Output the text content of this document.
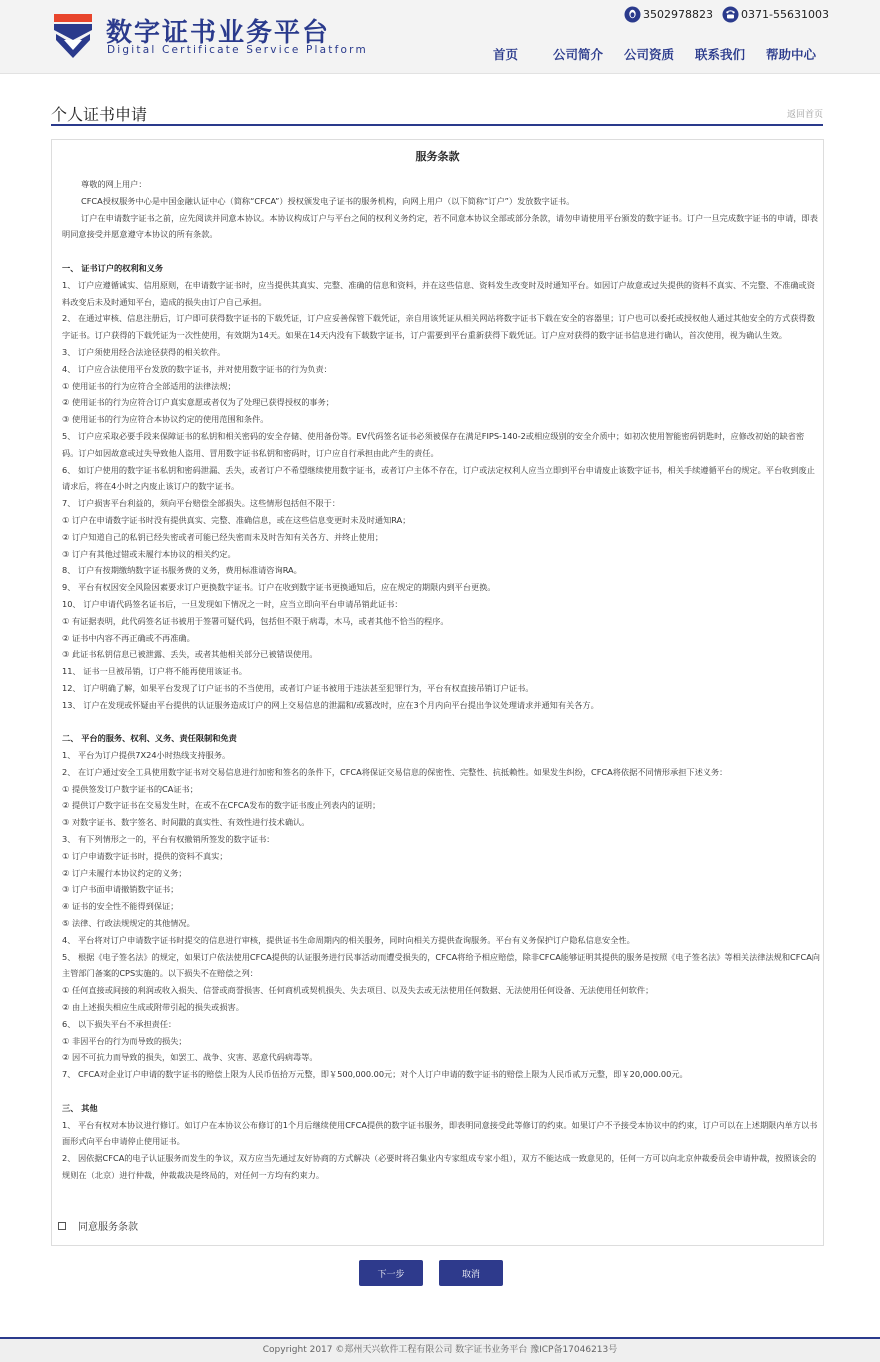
数字证书业务平台
Digital Certificate Service Platform
3502978823	0371-55631003
首页	公司简介 公司资质 联系我们 帮助中心
个人证书申请	返回首页
服务条款
尊敬的网上用户：
CFCA授权服务中心是中国金融认证中心（简称“CFCA”）授权颁发电子证书的服务机构，向网上用户（以下简称“订户”）发放数字证书。
订户在申请数字证书之前，应先阅读并同意本协议。本协议构成订户与平台之间的权利义务约定，若不同意本协议全部或部分条款，请勿申请使用平台颁发的数字证书。订户一旦完成数字证书的申请，即表明同意接受并愿意遵守本协议的所有条款。
一、 证书订户的权利和义务
1、 订户应遵循诚实、信用原则，在申请数字证书时，应当提供其真实、完整、准确的信息和资料，并在这些信息、资料发生改变时及时通知平台。如因订户故意或过失提供的资料不真实、不完整、不准确或资料改变后未及时通知平台，造成的损失由订户自己承担。
2、 在通过审核、信息注册后，订户即可获得数字证书的下载凭证，订户应妥善保管下载凭证，亲自用该凭证从相关网站将数字证书下载在安全的容器里；订户也可以委托或授权他人通过其他安全的方式获得数字证书。订户获得的下载凭证为一次性使用，有效期为14天。如果在14天内没有下载数字证书，订户需要到平台重新获得下载凭证。订户应对获得的数字证书信息进行确认，首次使用，视为确认生效。
3、 订户须使用经合法途径获得的相关软件。
4、 订户应合法使用平台发放的数字证书，并对使用数字证书的行为负责：
① 使用证书的行为应符合全部适用的法律法规；
② 使用证书的行为应符合订户真实意愿或者仅为了处理已获得授权的事务；
③ 使用证书的行为应符合本协议约定的使用范围和条件。
5、 订户应采取必要手段来保障证书的私钥和相关密码的安全存储、使用备份等。EV代码签名证书必须被保存在满足FIPS-140-2或相应级别的安全介质中；如初次使用智能密码钥匙时，应修改初始的缺省密码。订户如因故意或过失导致他人盗用、冒用数字证书私钥和密码时，订户应自行承担由此产生的责任。
6、 如订户使用的数字证书私钥和密码泄漏、丢失，或者订户不希望继续使用数字证书，或者订户主体不存在，订户或法定权利人应当立即到平台申请废止该数字证书，相关手续遵循平台的规定。平台收到废止请求后，将在4小时之内废止该订户的数字证书。
7、 订户损害平台利益的，须向平台赔偿全部损失。这些情形包括但不限于：
① 订户在申请数字证书时没有提供真实、完整、准确信息，或在这些信息变更时未及时通知RA；
② 订户知道自己的私钥已经失密或者可能已经失密而未及时告知有关各方、并终止使用；
③ 订户有其他过错或未履行本协议的相关约定。
8、 订户有按期缴纳数字证书服务费的义务，费用标准请咨询RA。
9、 平台有权因安全风险因素要求订户更换数字证书。订户在收到数字证书更换通知后，应在规定的期限内到平台更换。
10、 订户申请代码签名证书后，一旦发现如下情况之一时，应当立即向平台申请吊销此证书：
① 有证据表明，此代码签名证书被用于签署可疑代码，包括但不限于病毒，木马，或者其他不恰当的程序。
② 证书中内容不再正确或不再准确。
③ 此证书私钥信息已被泄露、丢失，或者其他相关部分已被错误使用。
11、 证书一旦被吊销，订户将不能再使用该证书。
12、 订户明确了解，如果平台发现了订户证书的不当使用，或者订户证书被用于违法甚至犯罪行为，平台有权直接吊销订户证书。
13、 订户在发现或怀疑由平台提供的认证服务造成订户的网上交易信息的泄漏和/或篡改时，应在3个月内向平台提出争议处理请求并通知有关各方。
二、 平台的服务、权利、义务、责任限制和免责
1、 平台为订户提供7X24小时热线支持服务。
2、 在订户通过安全工具使用数字证书对交易信息进行加密和签名的条件下，CFCA将保证交易信息的保密性、完整性、抗抵赖性。如果发生纠纷，CFCA将依据不同情形承担下述义务：
① 提供签发订户数字证书的CA证书；
② 提供订户数字证书在交易发生时，在或不在CFCA发布的数字证书废止列表内的证明；
③ 对数字证书、数字签名、时间戳的真实性、有效性进行技术确认。
3、 有下列情形之一的，平台有权撤销所签发的数字证书：
① 订户申请数字证书时，提供的资料不真实；
② 订户未履行本协议约定的义务；
③ 订户书面申请撤销数字证书；
④ 证书的安全性不能得到保证；
⑤ 法律、行政法规规定的其他情况。
4、 平台将对订户申请数字证书时提交的信息进行审核，提供证书生命周期内的相关服务，同时向相关方提供查询服务。平台有义务保护订户隐私信息安全性。
5、 根据《电子签名法》的规定，如果订户依法使用CFCA提供的认证服务进行民事活动而遭受损失的，CFCA将给予相应赔偿，除非CFCA能够证明其提供的服务是按照《电子签名法》等相关法律法规和CFCA向主管部门备案的CPS实施的。以下损失不在赔偿之列：
① 任何直接或间接的利润或收入损失、信誉或商誉损害、任何商机或契机损失、失去项目、以及失去或无法使用任何数据、无法使用任何设备、无法使用任何软件；
② 由上述损失相应生成或附带引起的损失或损害。
6、 以下损失平台不承担责任：
① 非因平台的行为而导致的损失；
② 因不可抗力而导致的损失，如罢工、战争、灾害、恶意代码病毒等。
7、 CFCA对企业订户申请的数字证书的赔偿上限为人民币伍拾万元整，即￥500,000.00元；对个人订户申请的数字证书的赔偿上限为人民币贰万元整，即￥20,000.00元。
三、 其他
1、 平台有权对本协议进行修订。如订户在本协议公布修订的1个月后继续使用CFCA提供的数字证书服务，即表明同意接受此等修订的约束。如果订户不予接受本协议中的约束，订户可以在上述期限内单方以书面形式向平台申请停止使用证书。
2、 因依据CFCA的电子认证服务而发生的争议，双方应当先通过友好协商的方式解决（必要时将召集业内专家组成专家小组），双方不能达成一致意见的，任何一方可以向北京仲裁委员会申请仲裁，按照该会的规则在（北京）进行仲裁，仲裁裁决是终局的，对任何一方均有约束力。
同意服务条款
下一步	取消
Copyright 2017 ©郑州天兴软件工程有限公司 数字证书业务平台 豫ICP备17046213号
